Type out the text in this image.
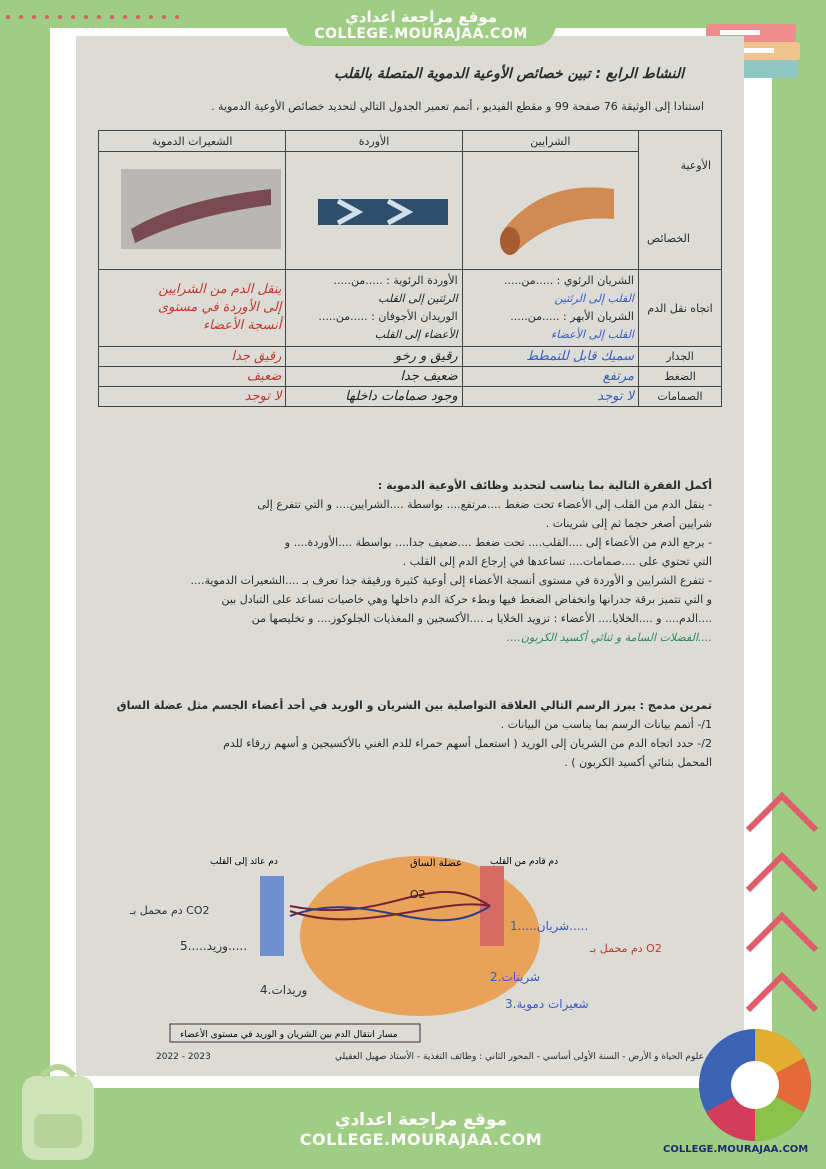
موقع مراجعة اعدادي
COLLEGE.MOURAJAA.COM
النشاط الرابع : تبين خصائص الأوعية الدموية المتصلة بالقلب
استنادا إلى الوثيقة 76 صفحة 99 و مقطع الفيديو ، أتمم تعمير الجدول التالي لتحديد خصائص الأوعية الدموية .
الأوعية
الخصائص	الشرايين	الأوردة	الشعيرات الدموية

اتجاه نقل الدم	الشريان الرئوي : .....من.....
القلب إلى الرئتين
الشريان الأبهر : .....من.....
القلب إلى الأعضاء	الأوردة الرئوية : .....من.....
الرئتين إلى القلب
الوريدان الأجوفان : .....من.....
الأعضاء إلى القلب	ينقل الدم من الشرايين
إلى الأوردة في مستوى
أنسجة الأعضاء

الجدار	سميك قابل للتمطط	رقيق و رخو	رقيق جدا
الضغط	مرتفع	ضعيف جدا	ضعيف
الصمامات	لا توجد	وجود صمامات داخلها	لا توجد
أكمل الفقرة التالية بما يناسب لتحديد وظائف الأوعية الدموية :
- ينقل الدم من القلب إلى الأعضاء تحت ضغط ....مرتفع.... بواسطة ....الشرايين.... و التي تتفرع إلى
شرايين أصغر حجما ثم إلى شرينات .
- يرجع الدم من الأعضاء إلى ....القلب.... تحت ضغط ....ضعيف جدا.... بواسطة ....الأوردة.... و
التي تحتوي على ....صمامات.... تساعدها في إرجاع الدم إلى القلب .
- تتفرع الشرايين و الأوردة في مستوى أنسجة الأعضاء إلى أوعية كثيرة ورقيقة جدا تعرف بـ ....الشعيرات الدموية....
و التي تتميز برقة جدرانها وانخفاض الضغط فيها وبطء حركة الدم داخلها وهي خاصيات تساعد على التبادل بين
....الدم.... و ....الخلايا.... الأعضاء : تزويد الخلايا بـ ....الأكسجين و المغذيات الجلوكوز.... و تخليصها من
....الفضلات السامة و ثنائي أكسيد الكربون....
تمرين مدمج : يبرز الرسم التالي العلاقة التواصلية بين الشريان و الوريد في أحد أعضاء الجسم مثل عضلة الساق
1/- أتمم بيانات الرسم بما يناسب من البيانات .
2/- حدد اتجاه الدم من الشريان إلى الوريد ( استعمل أسهم حمراء للدم الغني بالأكسيجين و أسهم زرقاء للدم
المحمل بثنائي أكسيد الكربون ) .
عضلة الساق	دم قادم من القلب
دم عائد إلى القلب
1.....شريان.....
2.شرينات
3.شعيرات دموية
4.وريدات
5.....وريد.....	دم محمل بـ O2
دم محمل بـ CO2
O2
مسار انتقال الدم بين الشريان و الوريد في مستوى الأعضاء
علوم الحياة و الأرض - السنة الأولى أساسي - المحور الثاني : وظائف التغذية - الأستاذ صهيل العقيلي
2023 - 2022
موقع مراجعة اعدادي
COLLEGE.MOURAJAA.COM
COLLEGE.MOURAJAA.COM
